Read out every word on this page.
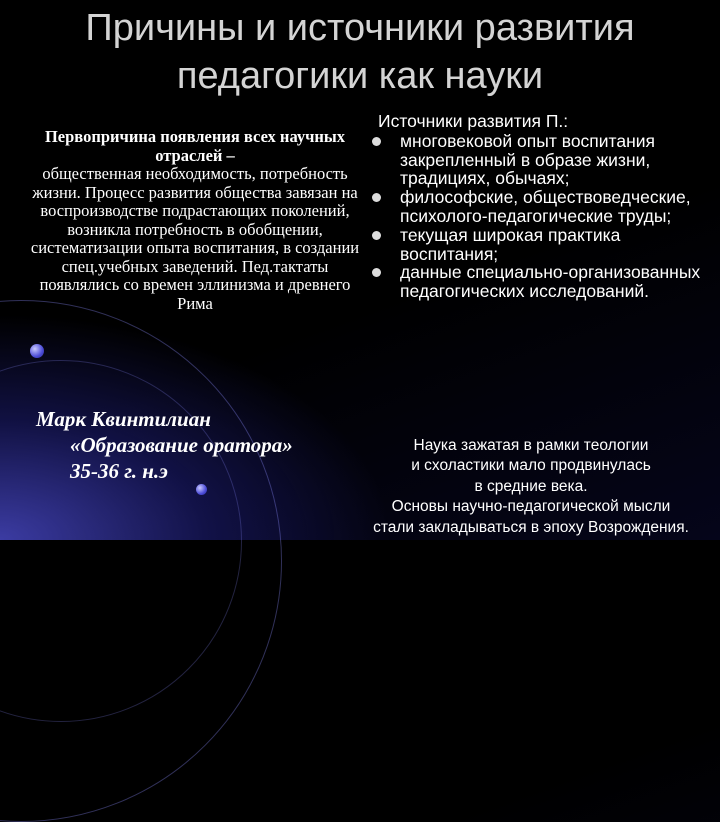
Причины и источники развития педагогики как науки
Первопричина появления всех научных отраслей –
общественная необходимость, потребность жизни. Процесс развития общества завязан на воспроизводстве подрастающих поколений, возникла потребность в обобщении, систематизации опыта воспитания, в создании спец.учебных заведений. Пед.тактаты появлялись со времен эллинизма и древнего Рима
Марк Квинтилиан
«Образование оратора»
35-36 г. н.э
Источники развития П.:
многовековой опыт воспитания закрепленный в образе жизни, традициях, обычаях;
философские, обществоведческие, психолого-педагогические труды;
текущая широкая практика воспитания;
данные специально-организованных педагогических исследований.
Наука зажатая в рамки теологии
и схоластики мало продвинулась
в средние века.
Основы научно-педагогической мысли
стали закладываться в эпоху Возрождения.
